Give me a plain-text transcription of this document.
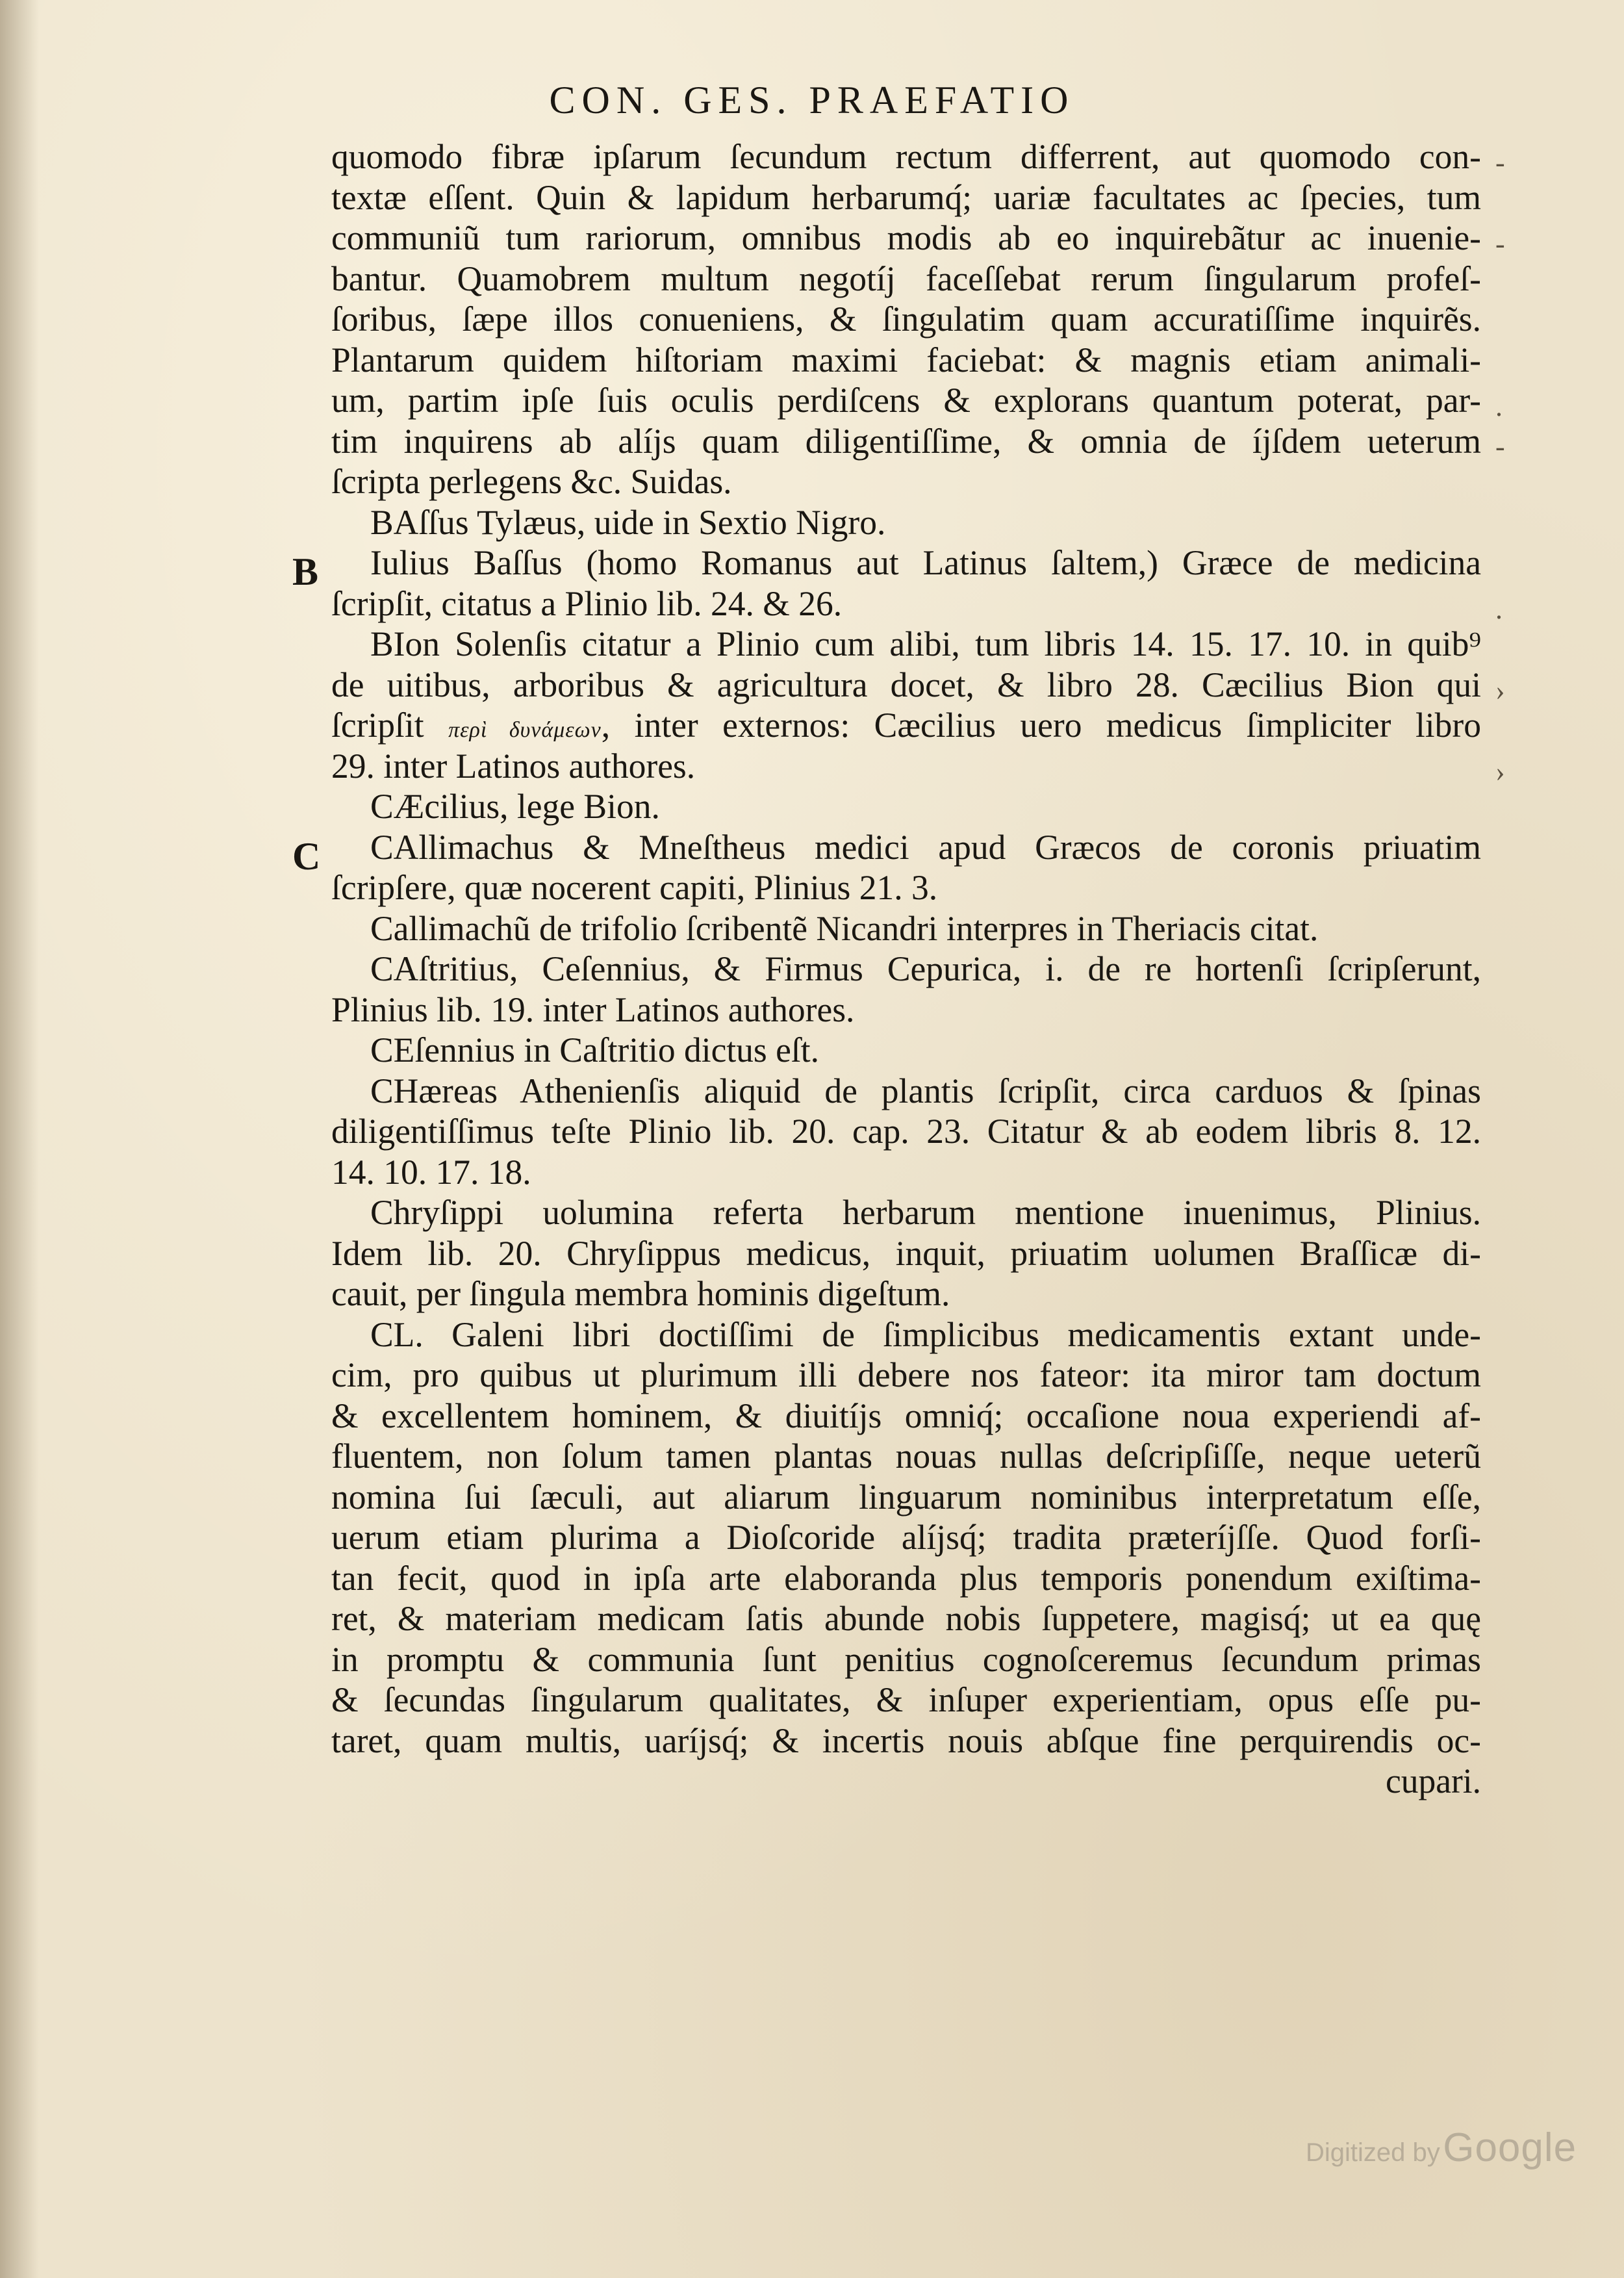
CON. GES. PRAEFATIO
B
C
-
-
.
-
.
›
›
quomodo fibræ ipſarum ſecundum rectum differrent, aut quomodo con-
textæ eſſent. Quin & lapidum herbarumq́; uariæ facultates ac ſpecies, tum
communiũ tum rariorum, omnibus modis ab eo inquirebãtur ac inuenie-
bantur. Quamobrem multum negotíj faceſſebat rerum ſingularum profeſ-
ſoribus, ſæpe illos conueniens, & ſingulatim quam accuratiſſime inquirẽs.
Plantarum quidem hiſtoriam maximi faciebat: & magnis etiam animali-
um, partim ipſe ſuis oculis perdiſcens & explorans quantum poterat, par-
tim inquirens ab alíjs quam diligentiſſime, & omnia de íjſdem ueterum
ſcripta perlegens &c. Suidas.
BAſſus Tylæus, uide in Sextio Nigro.
Iulius Baſſus (homo Romanus aut Latinus ſaltem,) Græce de medicina
ſcripſit, citatus a Plinio lib. 24. & 26.
BIon Solenſis citatur a Plinio cum alibi, tum libris 14. 15. 17. 10. in quib⁹
de uitibus, arboribus & agricultura docet, & libro 28. Cæcilius Bion qui
ſcripſit περὶ δυνάμεων, inter externos: Cæcilius uero medicus ſimpliciter libro
29. inter Latinos authores.
CÆcilius, lege Bion.
CAllimachus & Mneſtheus medici apud Græcos de coronis priuatim
ſcripſere, quæ nocerent capiti, Plinius 21. 3.
Callimachũ de trifolio ſcribentẽ Nicandri interpres in Theriacis citat.
CAſtritius, Ceſennius, & Firmus Cepurica, i. de re hortenſi ſcripſerunt,
Plinius lib. 19. inter Latinos authores.
CEſennius in Caſtritio dictus eſt.
CHæreas Athenienſis aliquid de plantis ſcripſit, circa carduos & ſpinas
diligentiſſimus teſte Plinio lib. 20. cap. 23. Citatur & ab eodem libris 8. 12.
14. 10. 17. 18.
Chryſippi uolumina referta herbarum mentione inuenimus, Plinius.
Idem lib. 20. Chryſippus medicus, inquit, priuatim uolumen Braſſicæ di-
cauit, per ſingula membra hominis digeſtum.
CL. Galeni libri doctiſſimi de ſimplicibus medicamentis extant unde-
cim, pro quibus ut plurimum illi debere nos fateor: ita miror tam doctum
& excellentem hominem, & diuitíjs omniq́; occaſione noua experiendi af-
fluentem, non ſolum tamen plantas nouas nullas deſcripſiſſe, neque ueterũ
nomina ſui ſæculi, aut aliarum linguarum nominibus interpretatum eſſe,
uerum etiam plurima a Dioſcoride alíjsq́; tradita præteríjſſe. Quod forſi-
tan fecit, quod in ipſa arte elaboranda plus temporis ponendum exiſtima-
ret, & materiam medicam ſatis abunde nobis ſuppetere, magisq́; ut ea quę
in promptu & communia ſunt penitius cognoſceremus ſecundum primas
& ſecundas ſingularum qualitates, & inſuper experientiam, opus eſſe pu-
taret, quam multis, uaríjsq́; & incertis nouis abſque fine perquirendis oc-
cupari.
Digitized by Google
